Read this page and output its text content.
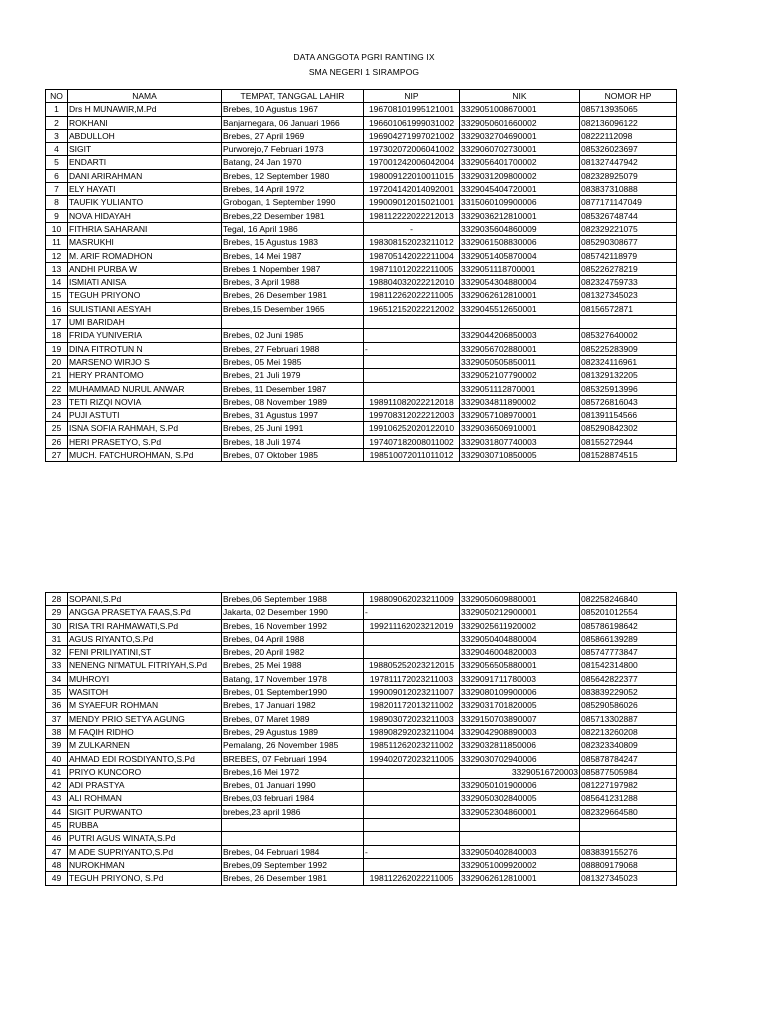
DATA ANGGOTA PGRI RANTING IX
SMA NEGERI 1 SIRAMPOG
NO	NAMA	TEMPAT, TANGGAL LAHIR	NIP	NIK	NOMOR HP
1	Drs H MUNAWIR,M.Pd	Brebes, 10 Agustus 1967	196708101995121001	3329051008670001	085713935065
2	ROKHANI	Banjarnegara, 06 Januari 1966	196601061999031002	3329050601660002	082136096122
3	ABDULLOH	Brebes, 27 April 1969	196904271997021002	3329032704690001	08222112098
4	SIGIT	Purworejo,7 Februari 1973	197302072006041002	3329060702730001	085326023697
5	ENDARTI	Batang, 24 Jan 1970	197001242006042004	3329056401700002	081327447942
6	DANI ARIRAHMAN	Brebes, 12 September 1980	198009122010011015	3329031209800002	082328925079
7	ELY HAYATI	Brebes, 14 April 1972	197204142014092001	3329045404720001	083837310888
8	TAUFIK YULIANTO	Grobogan, 1 September 1990	199009012015021001	3315060109900006	0877171147049
9	NOVA HIDAYAH	Brebes,22 Desember 1981	198112222022212013	3329036212810001	085326748744
10	FITHRIA SAHARANI	Tegal, 16 April 1986	-	3329035604860009	082329221075
11	MASRUKHI	Brebes, 15 Agustus 1983	198308152023211012	3329061508830006	085290308677
12	M. ARIF ROMADHON	Brebes, 14 Mei 1987	198705142022211004	3329051405870004	085742118979
13	ANDHI PURBA W	Brebes 1 Nopember 1987	198711012022211005	3329051118700001	085226278219
14	ISMIATI ANISA	Brebes, 3 April 1988	198804032022212010	3329054304880004	082324759733
15	TEGUH PRIYONO	Brebes, 26 Desember 1981	198112262022211005	3329062612810001	081327345023
16	SULISTIANI AESYAH	Brebes,15 Desember 1965	196512152022212002	3329045512650001	08156572871
17	UMI BARIDAH				
18	FRIDA YUNIVERIA	Brebes, 02 Juni 1985		3329044206850003	085327640002
19	DINA FITROTUN N	Brebes, 27 Februari 1988	-	3329056702880001	085225283909
20	MARSENO WIRJO S	Brebes, 05 Mei 1985		3329050505850011	082324116961
21	HERY PRANTOMO	Brebes, 21 Juli 1979		3329052107790002	081329132205
22	MUHAMMAD NURUL ANWAR	Brebes, 11 Desember 1987		3329051112870001	085325913996
23	TETI RIZQI NOVIA	Brebes, 08 November 1989	198911082022212018	3329034811890002	085726816043
24	PUJI ASTUTI	Brebes, 31 Agustus 1997	199708312022212003	3329057108970001	081391154566
25	ISNA SOFIA RAHMAH, S.Pd	Brebes, 25 Juni 1991	199106252020122010	3329036506910001	085290842302
26	HERI PRASETYO, S.Pd	Brebes, 18 Juli 1974	197407182008011002	3329031807740003	08155272944
27	MUCH. FATCHUROHMAN, S.Pd	Brebes, 07 Oktober 1985	198510072011011012	3329030710850005	081528874515
28	SOPANI,S.Pd	Brebes,06 September 1988	198809062023211009	3329050609880001	082258246840
29	ANGGA PRASETYA FAAS,S.Pd	Jakarta, 02 Desember 1990	-	3329050212900001	085201012554
30	RISA TRI RAHMAWATI,S.Pd	Brebes, 16 November 1992	199211162023212019	3329025611920002	085786198642
31	AGUS RIYANTO,S.Pd	Brebes, 04 April 1988		3329050404880004	085866139289
32	FENI PRILIYATINI,ST	Brebes, 20 April 1982		3329046004820003	085747773847
33	NENENG NI'MATUL FITRIYAH,S.Pd	Brebes, 25 Mei 1988	198805252023212015	3329056505880001	081542314800
34	MUHROYI	Batang, 17 November 1978	197811172023211003	3329091711780003	085642822377
35	WASITOH	Brebes, 01 September1990	199009012023211007	3329080109900006	083839229052
36	M SYAEFUR ROHMAN	Brebes, 17 Januari 1982	198201172013211002	3329031701820005	085290586026
37	MENDY PRIO SETYA AGUNG	Brebes, 07 Maret 1989	198903072023211003	3329150703890007	085713302887
38	M FAQIH RIDHO	Brebes, 29 Agustus 1989	198908292023211004	3329042908890003	082213260208
39	M ZULKARNEN	Pemalang, 26 November 1985	198511262023211002	3329032811850006	082323340809
40	AHMAD EDI ROSDIYANTO,S.Pd	BREBES, 07 Februari 1994	199402072023211005	3329030702940006	085878784247
41	PRIYO KUNCORO	Brebes,16 Mei 1972		33290516720003	085877505984
42	ADI PRASTYA	Brebes, 01 Januari 1990		3329050101900006	081227197982
43	ALI ROHMAN	Brebes,03 februari 1984		3329050302840005	085641231288
44	SIGIT PURWANTO	brebes,23 april 1986		3329052304860001	082329664580
45	RUBBA				
46	PUTRI AGUS WINATA,S.Pd				
47	M ADE SUPRIYANTO,S.Pd	Brebes, 04 Februari 1984	-	3329050402840003	083839155276
48	NUROKHMAN	Brebes,09 September 1992		3329051009920002	088809179068
49	TEGUH PRIYONO, S.Pd	Brebes, 26 Desember 1981	198112262022211005	3329062612810001	081327345023
